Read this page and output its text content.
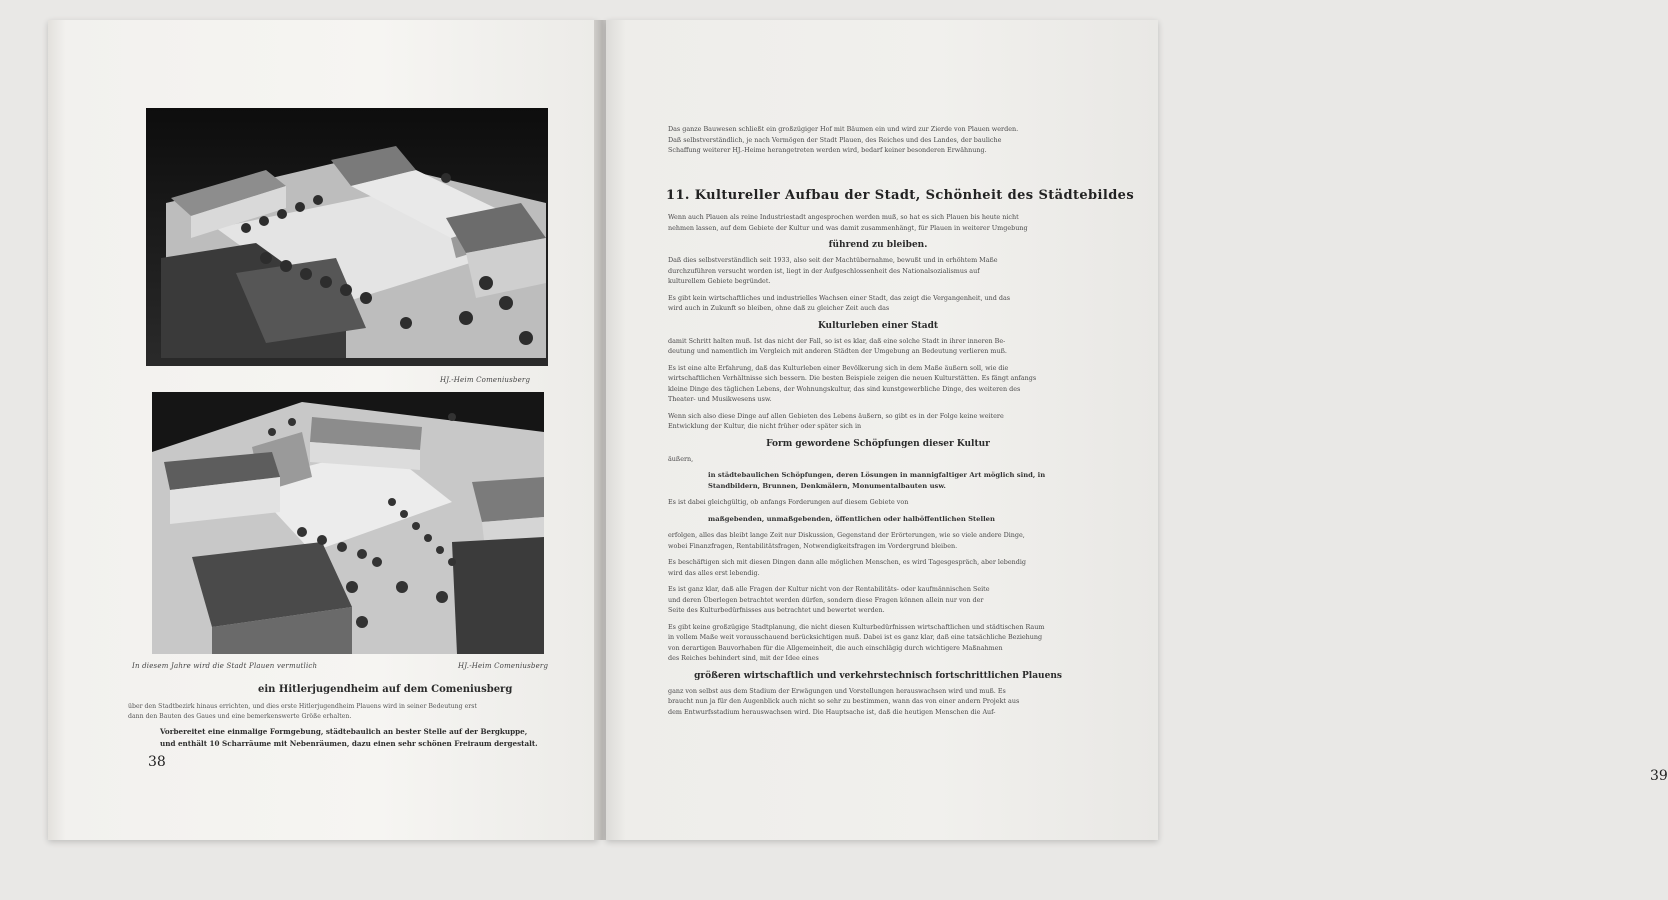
HJ.-Heim Comeniusberg
In diesem Jahre wird die Stadt Plauen vermutlich	HJ.-Heim Comeniusberg
ein Hitlerjugendheim auf dem Comeniusberg
über den Stadtbezirk hinaus errichten, und dies erste Hitlerjugendheim Plauens wird in seiner Bedeutung erst
dann den Bauten des Gaues und eine bemerkenswerte Größe erhalten.
Vorbereitet eine einmalige Formgebung, städtebaulich an bester Stelle auf der Bergkuppe,
und enthält 10 Scharräume mit Nebenräumen, dazu einen sehr schönen Freiraum dergestalt.
38
Das ganze Bauwesen schließt ein großzügiger Hof mit Bäumen ein und wird zur Zierde von Plauen werden.
Daß selbstverständlich, je nach Vermögen der Stadt Plauen, des Reiches und des Landes, der bauliche
Schaffung weiterer HJ.-Heime herangetreten werden wird, bedarf keiner besonderen Erwähnung.
11. Kultureller Aufbau der Stadt, Schönheit des Städtebildes
Wenn auch Plauen als reine Industriestadt angesprochen werden muß, so hat es sich Plauen bis heute nicht
nehmen lassen, auf dem Gebiete der Kultur und was damit zusammenhängt, für Plauen in weiterer Umgebung
führend zu bleiben.
Daß dies selbstverständlich seit 1933, also seit der Machtübernahme, bewußt und in erhöhtem Maße
durchzuführen versucht worden ist, liegt in der Aufgeschlossenheit des Nationalsozialismus auf
kulturellem Gebiete begründet.
Es gibt kein wirtschaftliches und industrielles Wachsen einer Stadt, das zeigt die Vergangenheit, und das
wird auch in Zukunft so bleiben, ohne daß zu gleicher Zeit auch das
Kulturleben einer Stadt
damit Schritt halten muß. Ist das nicht der Fall, so ist es klar, daß eine solche Stadt in ihrer inneren Be-
deutung und namentlich im Vergleich mit anderen Städten der Umgebung an Bedeutung verlieren muß.
Es ist eine alte Erfahrung, daß das Kulturleben einer Bevölkerung sich in dem Maße äußern soll, wie die
wirtschaftlichen Verhältnisse sich bessern. Die besten Beispiele zeigen die neuen Kulturstätten. Es fängt anfangs
kleine Dinge des täglichen Lebens, der Wohnungskultur, das sind kunstgewerbliche Dinge, des weiteren des
Theater- und Musikwesens usw.
Wenn sich also diese Dinge auf allen Gebieten des Lebens äußern, so gibt es in der Folge keine weitere
Entwicklung der Kultur, die nicht früher oder später sich in
Form gewordene Schöpfungen dieser Kultur
äußern,
in städtebaulichen Schöpfungen, deren Lösungen in mannigfaltiger Art möglich sind, in
Standbildern, Brunnen, Denkmälern, Monumentalbauten usw.
Es ist dabei gleichgültig, ob anfangs Forderungen auf diesem Gebiete von
maßgebenden, unmaßgebenden, öffentlichen oder halböffentlichen Stellen
erfolgen, alles das bleibt lange Zeit nur Diskussion, Gegenstand der Erörterungen, wie so viele andere Dinge,
wobei Finanzfragen, Rentabilitätsfragen, Notwendigkeitsfragen im Vordergrund bleiben.
Es beschäftigen sich mit diesen Dingen dann alle möglichen Menschen, es wird Tagesgespräch, aber lebendig
wird das alles erst lebendig.
Es ist ganz klar, daß alle Fragen der Kultur nicht von der Rentabilitäts- oder kaufmännischen Seite
und deren Überlegen betrachtet werden dürfen, sondern diese Fragen können allein nur von der
Seite des Kulturbedürfnisses aus betrachtet und bewertet werden.
Es gibt keine großzügige Stadtplanung, die nicht diesen Kulturbedürfnissen wirtschaftlichen und städtischen Raum
in vollem Maße weit vorausschauend berücksichtigen muß. Dabei ist es ganz klar, daß eine tatsächliche Beziehung
von derartigen Bauvorhaben für die Allgemeinheit, die auch einschlägig durch wichtigere Maßnahmen
des Reiches behindert sind, mit der Idee eines
größeren wirtschaftlich und verkehrstechnisch fortschrittlichen Plauens
ganz von selbst aus dem Stadium der Erwägungen und Vorstellungen herauswachsen wird und muß. Es
braucht nun ja für den Augenblick auch nicht so sehr zu bestimmen, wann das von einer andern Projekt aus
dem Entwurfsstadium herauswachsen wird. Die Hauptsache ist, daß die heutigen Menschen die Auf-
39
